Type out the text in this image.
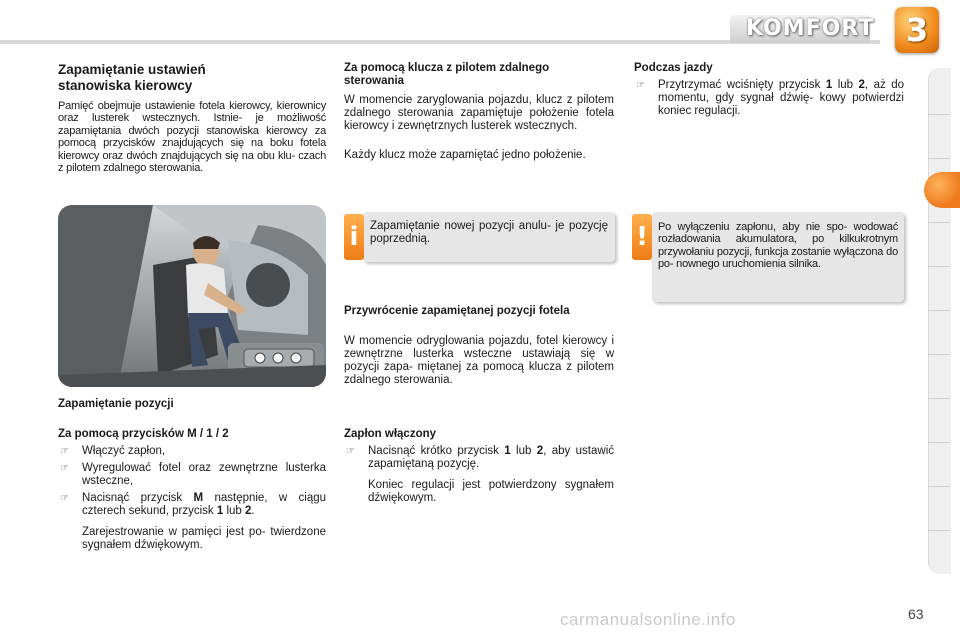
KOMFORT 3
Zapamiętanie ustawień stanowiska kierowcy
Pamięć obejmuje ustawienie fotela kierowcy, kierownicy oraz lusterek wstecznych. Istnie- je możliwość zapamiętania dwóch pozycji stanowiska kierowcy za pomocą przycisków znajdujących się na boku fotela kierowcy oraz dwóch znajdujących się na obu klu- czach z pilotem zdalnego sterowania.
Zapamiętanie pozycji
Za pomocą przycisków M / 1 / 2
☞ Włączyć zapłon,
☞ Wyregulować fotel oraz zewnętrzne lusterka wsteczne,
☞ Nacisnąć przycisk M następnie, w ciągu czterech sekund, przycisk 1 lub 2.
Zarejestrowanie w pamięci jest po- twierdzone sygnałem dźwiękowym.
Za pomocą klucza z pilotem zdalnego sterowania
W momencie zaryglowania pojazdu, klucz z pilotem zdalnego sterowania zapamiętuje położenie fotela kierowcy i zewnętrznych lusterek wstecznych.
Każdy klucz może zapamiętać jedno położenie.
i Zapamiętanie nowej pozycji anulu- je pozycję poprzednią.
Przywrócenie zapamiętanej pozycji fotela
W momencie odryglowania pojazdu, fotel kierowcy i zewnętrzne lusterka wsteczne ustawiają się w pozycji zapa- miętanej za pomocą klucza z pilotem zdalnego sterowania.
Zapłon włączony
☞ Nacisnąć krótko przycisk 1 lub 2, aby ustawić zapamiętaną pozycję.
Koniec regulacji jest potwierdzony sygnałem dźwiękowym.
Podczas jazdy
☞ Przytrzymać wciśnięty przycisk 1 lub 2, aż do momentu, gdy sygnał dźwię- kowy potwierdzi koniec regulacji.
! Po wyłączeniu zapłonu, aby nie spo- wodować rozładowania akumulatora, po kilkukrotnym przywołaniu pozycji, funkcja zostanie wyłączona do po- nownego uruchomienia silnika.
carmanualsonline.info	63
